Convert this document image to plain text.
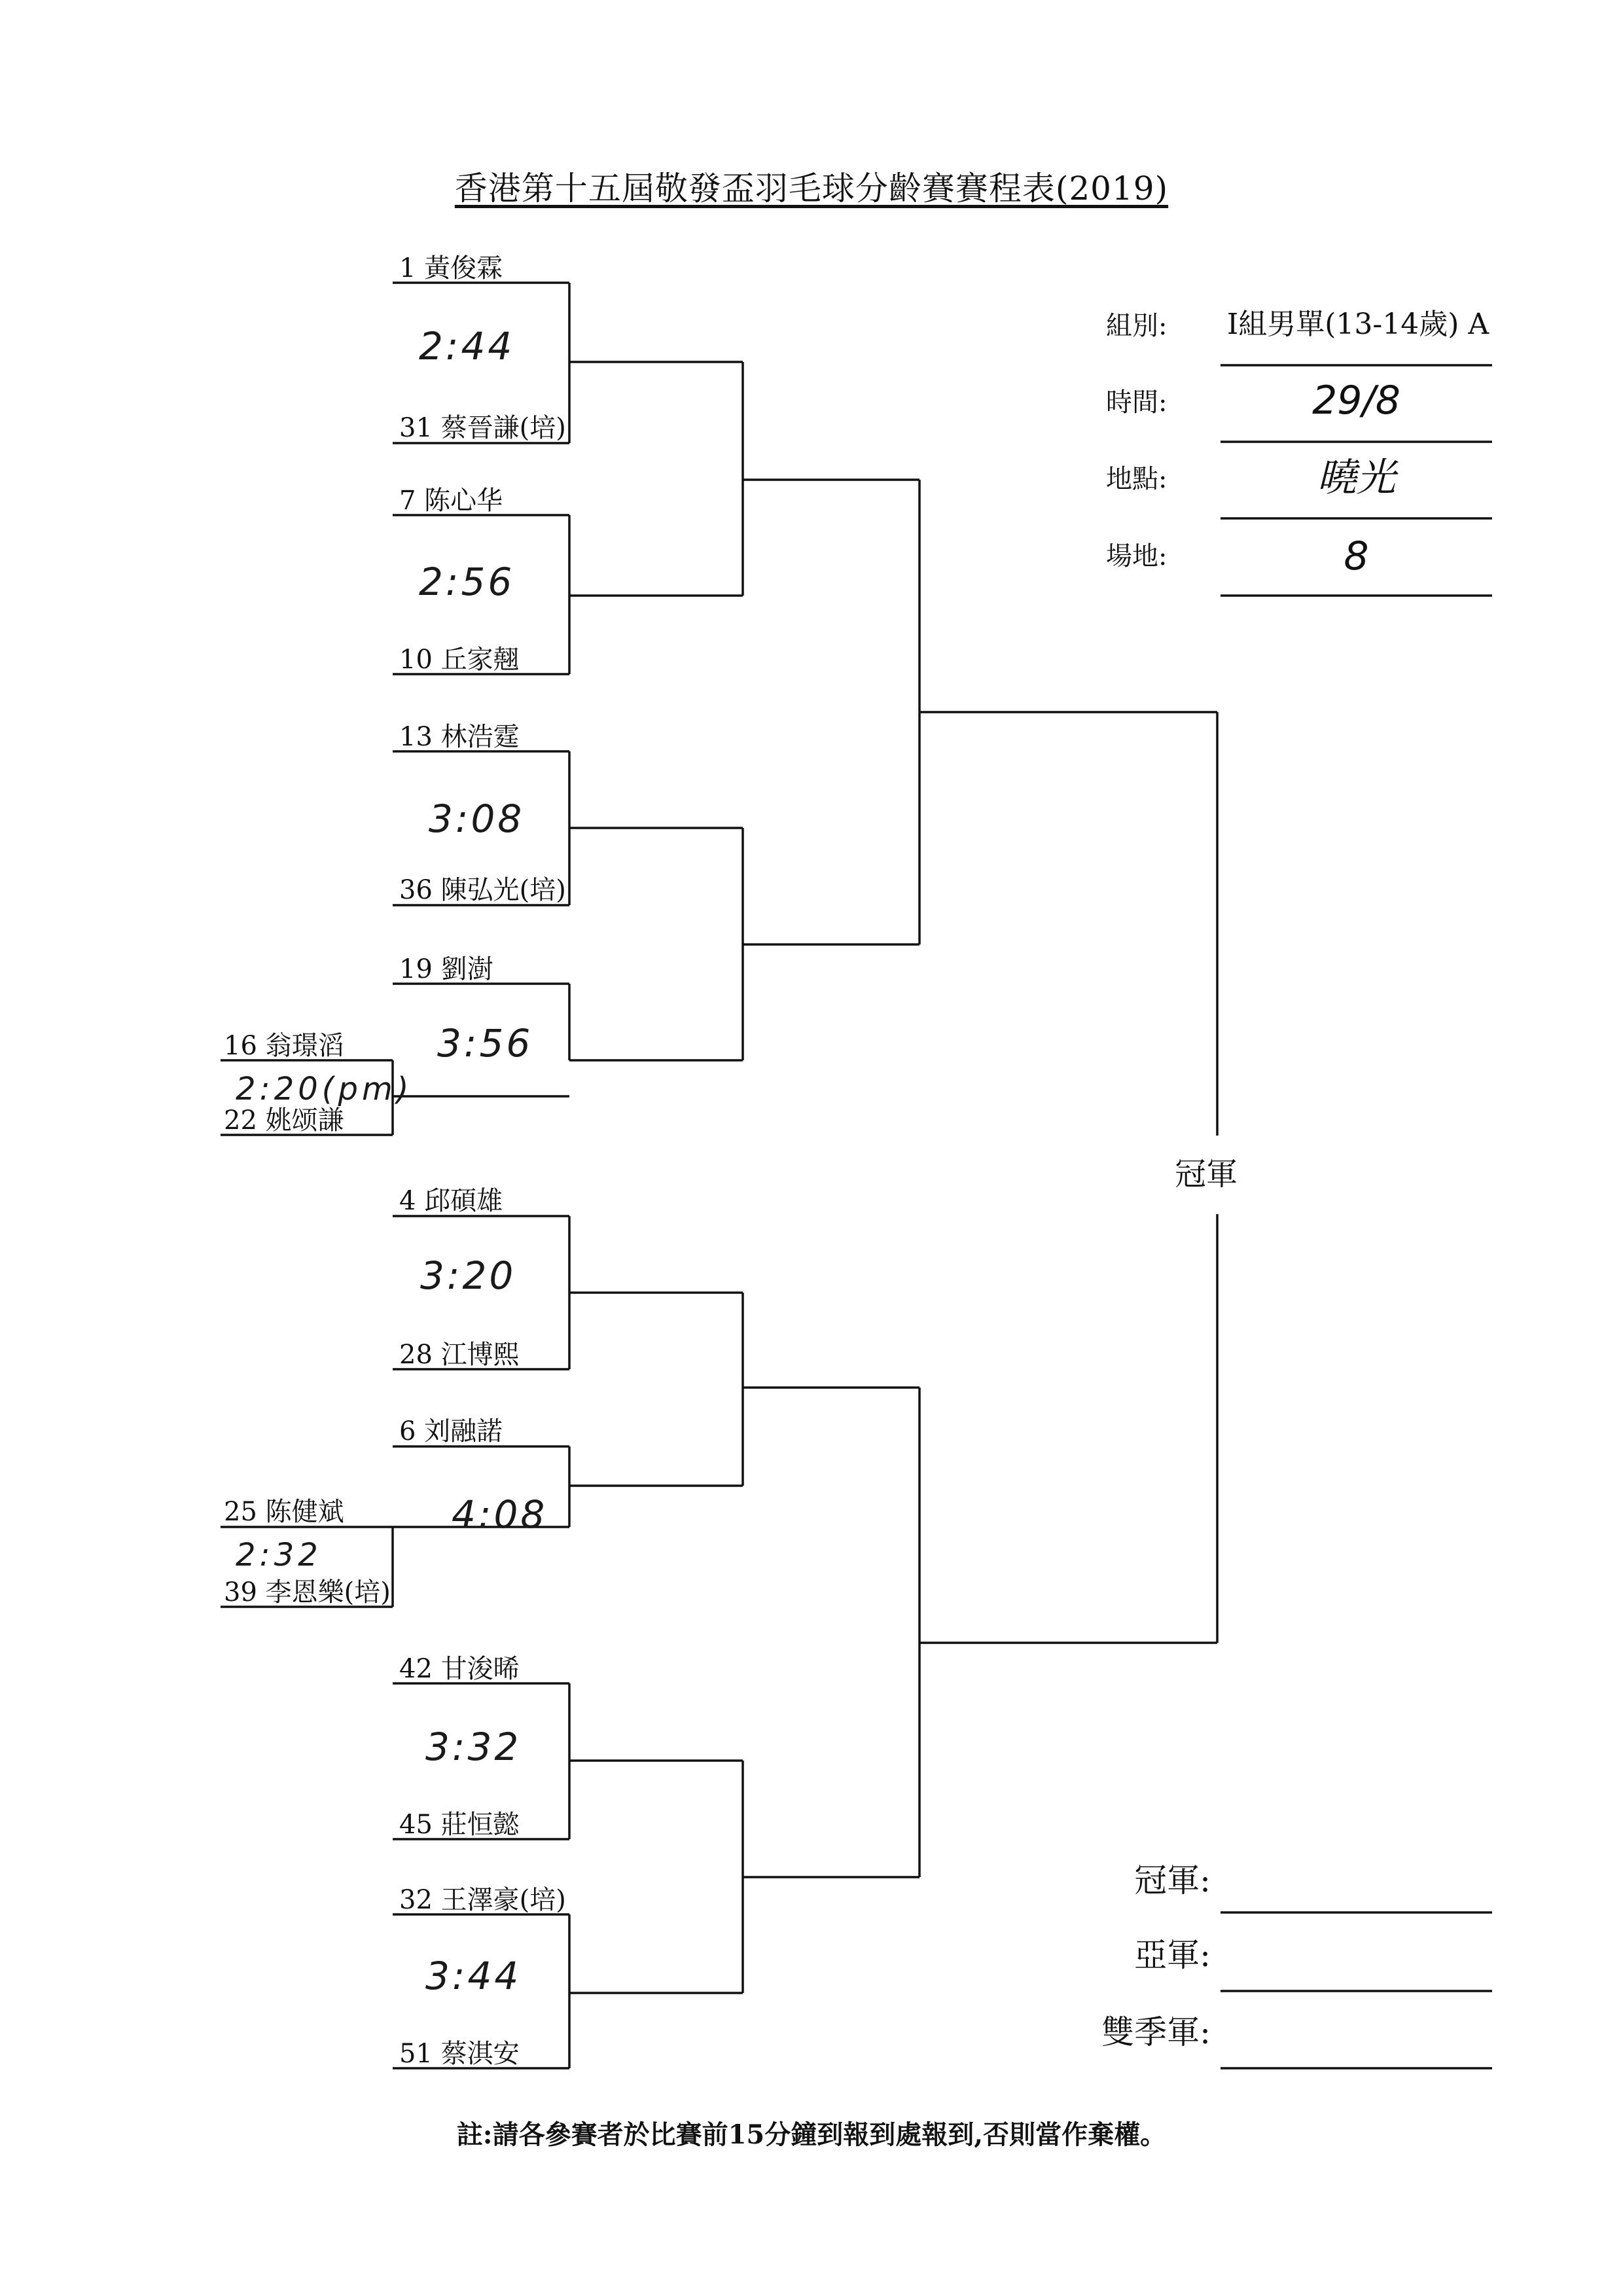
香港第十五屆敬發盃羽毛球分齡賽賽程表(2019)
1 黃俊霖
31 蔡晉謙(培)
7 陈心华
10 丘家翹
13 林浩霆
36 陳弘光(培)
19 劉澍
16 翁璟滔
22 姚颂謙
4 邱碩雄
28 江博熙
6 刘融諾
25 陈健斌
39 李恩樂(培)
42 甘浚晞
45 莊恒懿
32 王澤豪(培)
51 蔡淇安
2:44
2:56
3:08
3:56
2:20(pm)
3:20
4:08
2:32
3:32
3:44
冠軍
組別:	I組男單(13-14歲) A
時間:	29/8
地點:	曉光
場地:	8
冠軍:
亞軍:
雙季軍:
註:請各參賽者於比賽前15分鐘到報到處報到,否則當作棄權。
